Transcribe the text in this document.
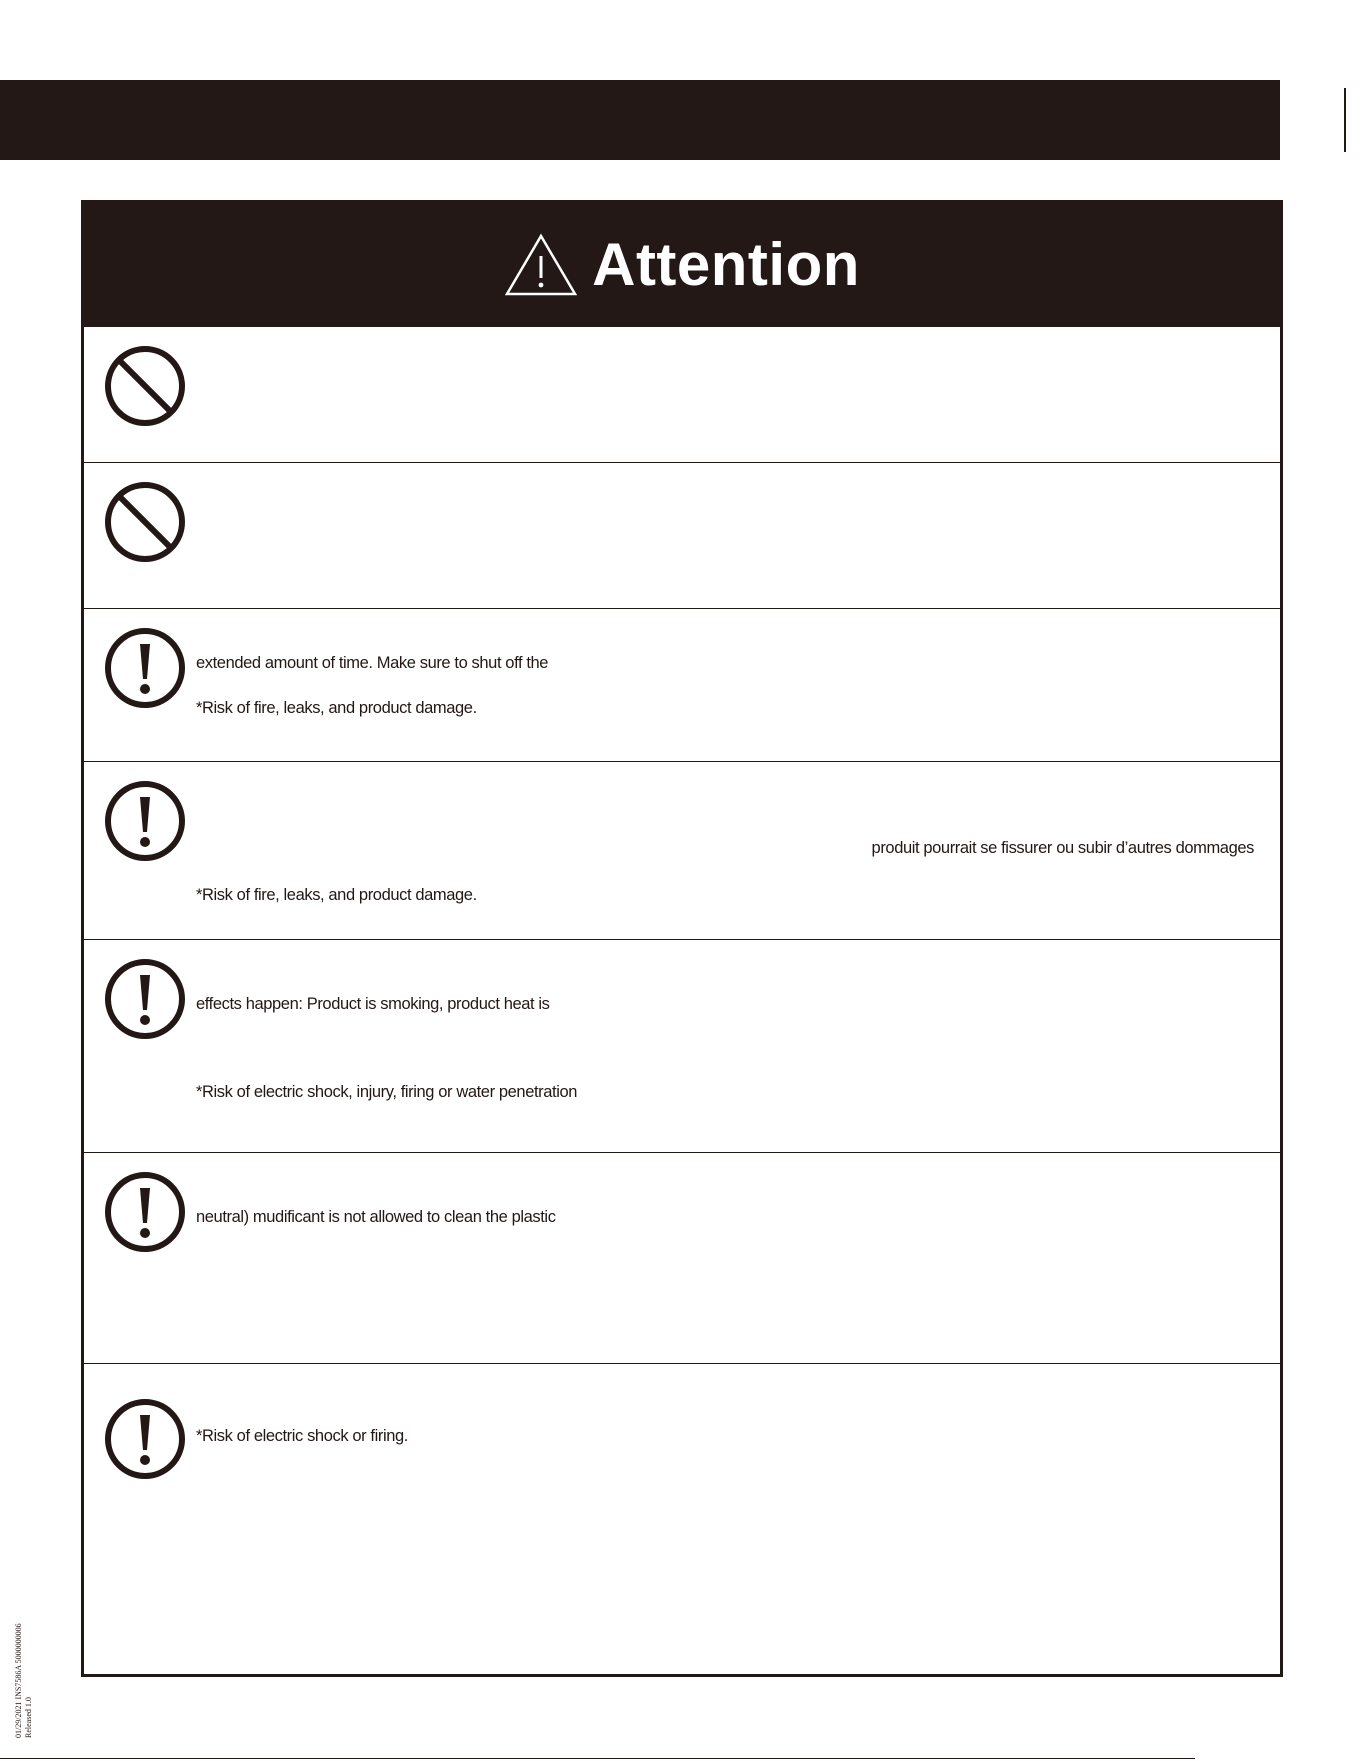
Attention
extended amount of time. Make sure to shut off the
*Risk of fire, leaks, and product damage.
produit pourrait se fissurer ou subir d’autres dommages
*Risk of fire, leaks, and product damage.
effects happen: Product is smoking, product heat is
*Risk of electric shock, injury, firing or water penetration
neutral) mudificant is not allowed to clean the plastic
*Risk of electric shock or firing.
01/29/2021 INS7586A 5000000006 Released 1.0
